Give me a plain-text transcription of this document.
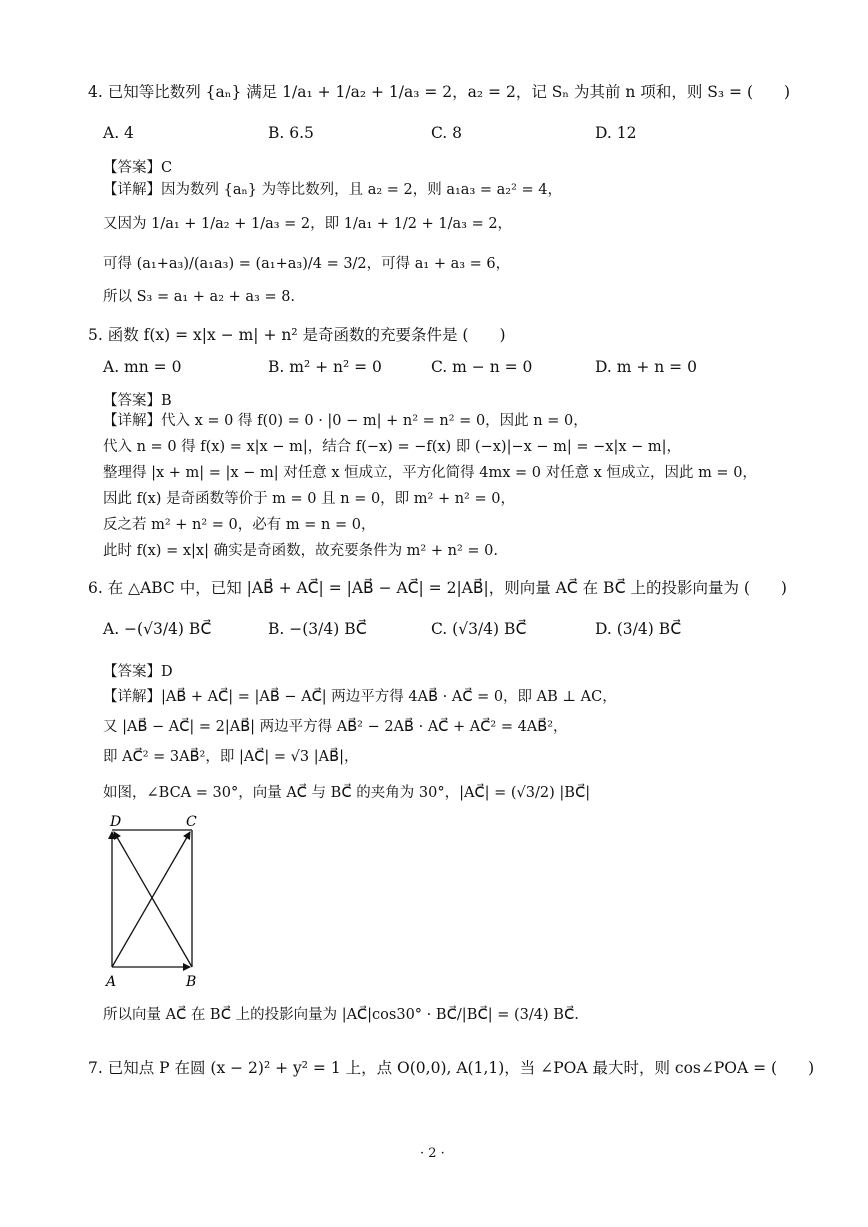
4. 已知等比数列 {aₙ} 满足 1/a₁ + 1/a₂ + 1/a₃ = 2，a₂ = 2，记 Sₙ 为其前 n 项和，则 S₃ = (　　)
A. 4	B. 6.5	C. 8	D. 12
【答案】C
【详解】因为数列 {aₙ} 为等比数列，且 a₂ = 2，则 a₁a₃ = a₂² = 4，
又因为 1/a₁ + 1/a₂ + 1/a₃ = 2，即 1/a₁ + 1/2 + 1/a₃ = 2，
可得 (a₁+a₃)/(a₁a₃) = (a₁+a₃)/4 = 3/2，可得 a₁ + a₃ = 6，
所以 S₃ = a₁ + a₂ + a₃ = 8.
5. 函数 f(x) = x|x − m| + n² 是奇函数的充要条件是 (　　)
A. mn = 0	B. m² + n² = 0	C. m − n = 0	D. m + n = 0
【答案】B
【详解】代入 x = 0 得 f(0) = 0 · |0 − m| + n² = n² = 0，因此 n = 0，
代入 n = 0 得 f(x) = x|x − m|，结合 f(−x) = −f(x) 即 (−x)|−x − m| = −x|x − m|，
整理得 |x + m| = |x − m| 对任意 x 恒成立，平方化简得 4mx = 0 对任意 x 恒成立，因此 m = 0，
因此 f(x) 是奇函数等价于 m = 0 且 n = 0，即 m² + n² = 0，
反之若 m² + n² = 0，必有 m = n = 0，
此时 f(x) = x|x| 确实是奇函数，故充要条件为 m² + n² = 0.
6. 在 △ABC 中，已知 |AB⃗ + AC⃗| = |AB⃗ − AC⃗| = 2|AB⃗|，则向量 AC⃗ 在 BC⃗ 上的投影向量为 (　　)
A. −(√3/4) BC⃗	B. −(3/4) BC⃗	C. (√3/4) BC⃗	D. (3/4) BC⃗
【答案】D
【详解】|AB⃗ + AC⃗| = |AB⃗ − AC⃗| 两边平方得 4AB⃗ · AC⃗ = 0，即 AB ⊥ AC，
又 |AB⃗ − AC⃗| = 2|AB⃗| 两边平方得 AB⃗² − 2AB⃗ · AC⃗ + AC⃗² = 4AB⃗²，
即 AC⃗² = 3AB⃗²，即 |AC⃗| = √3 |AB⃗|，
如图，∠BCA = 30°，向量 AC⃗ 与 BC⃗ 的夹角为 30°，|AC⃗| = (√3/2) |BC⃗|
D	C
A	B
所以向量 AC⃗ 在 BC⃗ 上的投影向量为 |AC⃗|cos30° · BC⃗/|BC⃗| = (3/4) BC⃗.
7. 已知点 P 在圆 (x − 2)² + y² = 1 上，点 O(0,0), A(1,1)，当 ∠POA 最大时，则 cos∠POA = (　　)
· 2 ·
